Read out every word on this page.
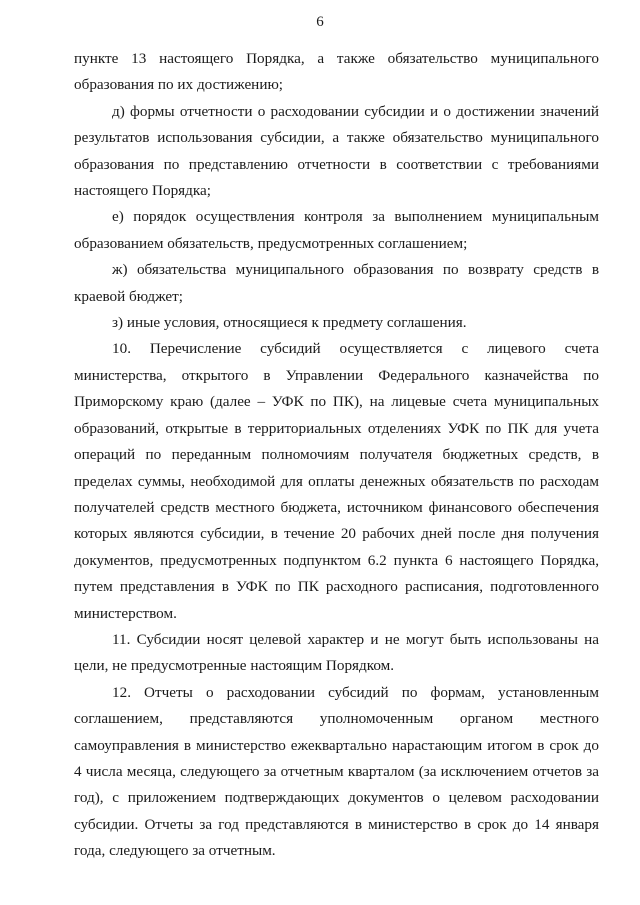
6

пункте 13 настоящего Порядка, а также обязательство муниципального образования по их достижению;

д) формы отчетности о расходовании субсидии и о достижении значений результатов использования субсидии, а также обязательство муниципального образования по представлению отчетности в соответствии с требованиями настоящего Порядка;

е) порядок осуществления контроля за выполнением муниципальным образованием обязательств, предусмотренных соглашением;

ж) обязательства муниципального образования по возврату средств в краевой бюджет;

з) иные условия, относящиеся к предмету соглашения.

10. Перечисление субсидий осуществляется с лицевого счета министерства, открытого в Управлении Федерального казначейства по Приморскому краю (далее – УФК по ПК), на лицевые счета муниципальных образований, открытые в территориальных отделениях УФК по ПК для учета операций по переданным полномочиям получателя бюджетных средств, в пределах суммы, необходимой для оплаты денежных обязательств по расходам получателей средств местного бюджета, источником финансового обеспечения которых являются субсидии, в течение 20 рабочих дней после дня получения документов, предусмотренных подпунктом 6.2 пункта 6 настоящего Порядка, путем представления в УФК по ПК расходного расписания, подготовленного министерством.

11. Субсидии носят целевой характер и не могут быть использованы на цели, не предусмотренные настоящим Порядком.

12. Отчеты о расходовании субсидий по формам, установленным соглашением, представляются уполномоченным органом местного самоуправления в министерство ежеквартально нарастающим итогом в срок до 4 числа месяца, следующего за отчетным кварталом (за исключением отчетов за год), с приложением подтверждающих документов о целевом расходовании субсидии. Отчеты за год представляются в министерство в срок до 14 января года, следующего за отчетным.
